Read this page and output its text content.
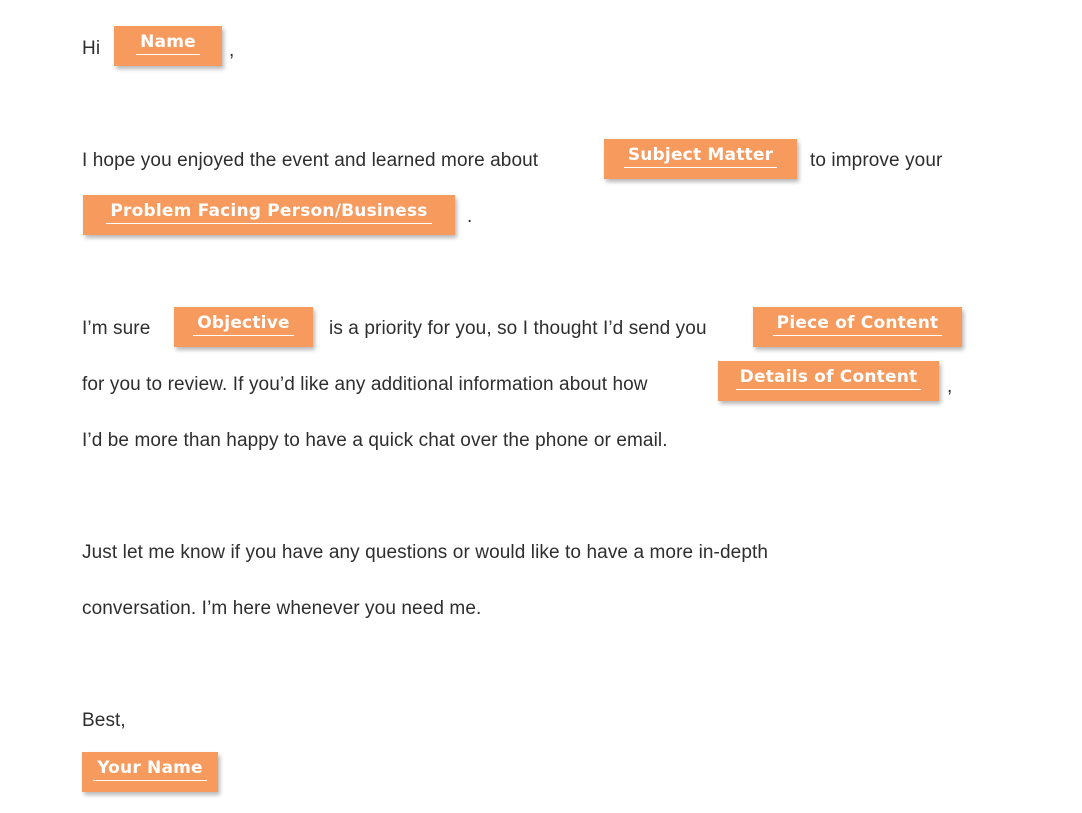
Hi Name ,
I hope you enjoyed the event and learned more about	Subject Matter to improve your
Problem Facing Person/Business .
I’m sure	Objective is a priority for you, so I thought I’d send you	Piece of Content
for you to review. If you’d like any additional information about how	Details of Content ,
I’d be more than happy to have a quick chat over the phone or email.
Just let me know if you have any questions or would like to have a more in-depth
conversation. I’m here whenever you need me.
Best,
Your Name
